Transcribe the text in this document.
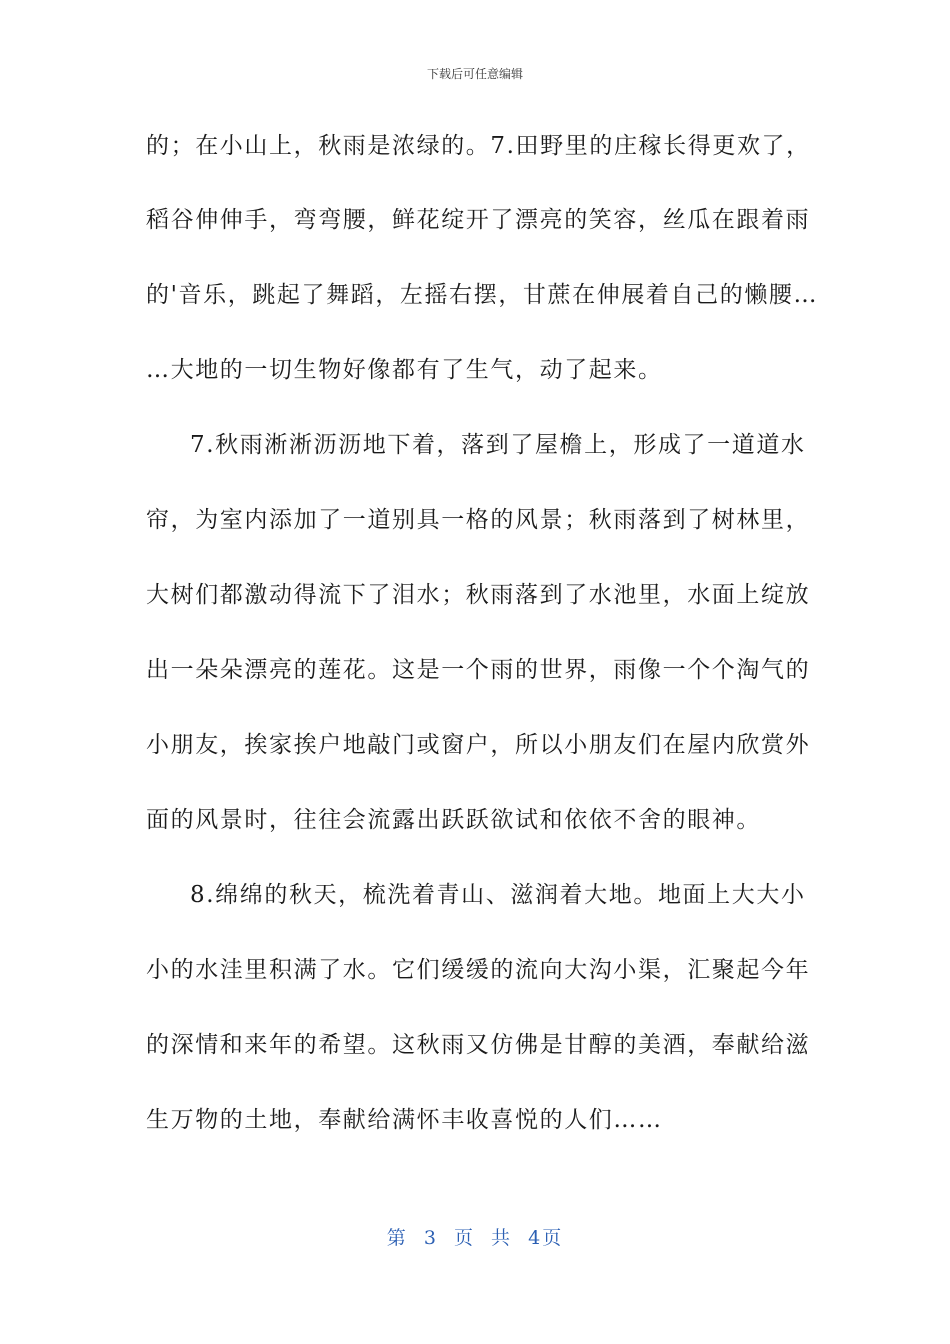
下载后可任意编辑
的；在小山上，秋雨是浓绿的。7.田野里的庄稼长得更欢了，
稻谷伸伸手，弯弯腰，鲜花绽开了漂亮的笑容，丝瓜在跟着雨
的'音乐，跳起了舞蹈，左摇右摆，甘蔗在伸展着自己的懒腰…
…大地的一切生物好像都有了生气，动了起来。
7.秋雨淅淅沥沥地下着，落到了屋檐上，形成了一道道水
帘，为室内添加了一道别具一格的风景；秋雨落到了树林里，
大树们都激动得流下了泪水；秋雨落到了水池里，水面上绽放
出一朵朵漂亮的莲花。这是一个雨的世界，雨像一个个淘气的
小朋友，挨家挨户地敲门或窗户，所以小朋友们在屋内欣赏外
面的风景时，往往会流露出跃跃欲试和依依不舍的眼神。
8.绵绵的秋天，梳洗着青山、滋润着大地。地面上大大小
小的水洼里积满了水。它们缓缓的流向大沟小渠，汇聚起今年
的深情和来年的希望。这秋雨又仿佛是甘醇的美酒，奉献给滋
生万物的土地，奉献给满怀丰收喜悦的人们……
第 3 页 共 4页
